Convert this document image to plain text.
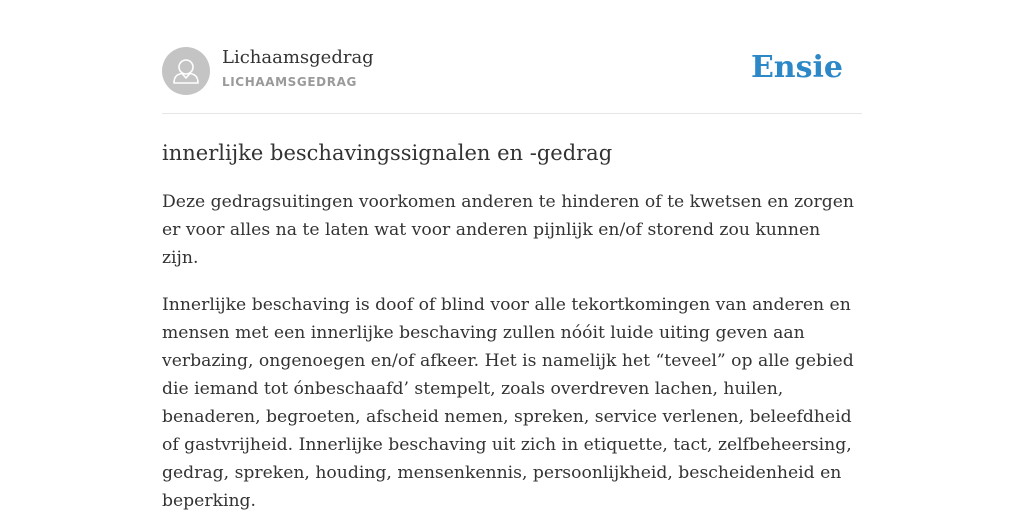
Lichaamsgedrag
LICHAAMSGEDRAG	Ensie
innerlijke beschavingssignalen en -gedrag

Deze gedragsuitingen voorkomen anderen te hinderen of te kwetsen en zorgen er voor alles na te laten wat voor anderen pijnlijk en/of storend zou kunnen zijn.

Innerlijke beschaving is doof of blind voor alle tekortkomingen van anderen en mensen met een innerlijke beschaving zullen nóóit luide uiting geven aan verbazing, ongenoegen en/of afkeer. Het is namelijk het “teveel” op alle gebied die iemand tot ónbeschaafd’ stempelt, zoals overdreven lachen, huilen, benaderen, begroeten, afscheid nemen, spreken, service verlenen, beleefdheid of gastvrijheid. Innerlijke beschaving uit zich in etiquette, tact, zelfbeheersing, gedrag, spreken, houding, mensenkennis, persoonlijkheid, bescheidenheid en beperking.
